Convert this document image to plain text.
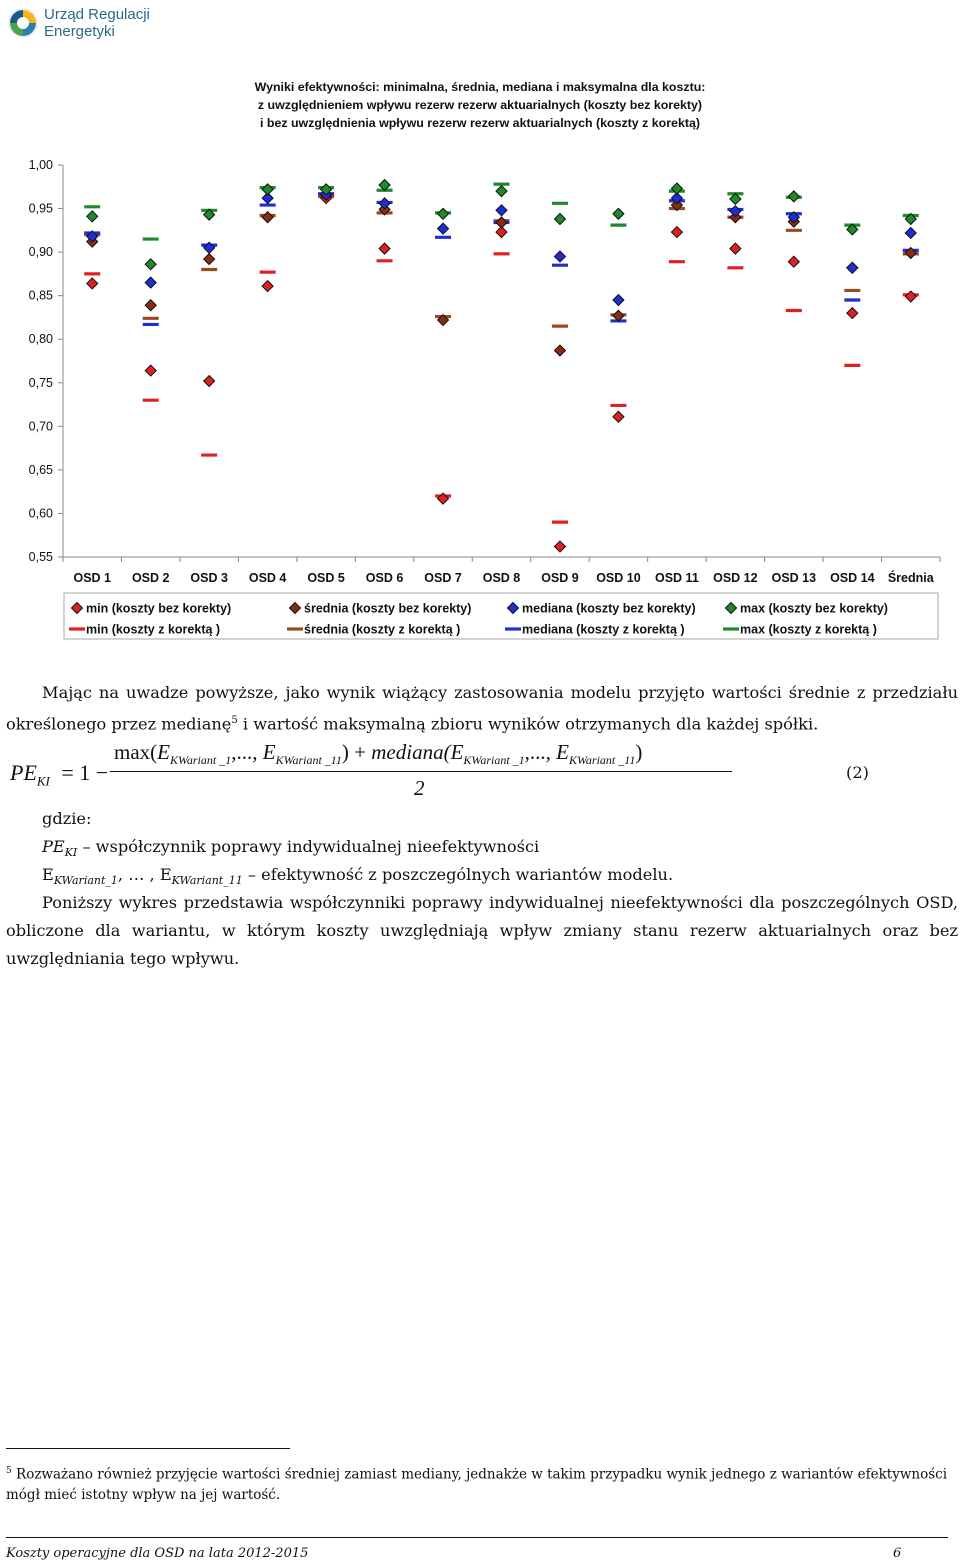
Urząd Regulacji
Energetyki
Wyniki efektywności: minimalna, średnia, mediana i maksymalna dla kosztu:
z uwzględnieniem wpływu rezerw rezerw aktuarialnych (koszty bez korekty)
i bez uwzględnienia wpływu rezerw rezerw aktuarialnych (koszty z korektą)
0,55
0,60
0,65
0,70
0,75
0,80
0,85
0,90
0,95
1,00
OSD 1 OSD 2 OSD 3 OSD 4 OSD 5 OSD 6 OSD 7 OSD 8 OSD 9 OSD 10 OSD 11 OSD 12 OSD 13 OSD 14 Średnia
min (koszty bez korekty)	średnia (koszty bez korekty)	mediana (koszty bez korekty)	max (koszty bez korekty)
min (koszty z korektą )	średnia (koszty z korektą )	mediana (koszty z korektą )	max (koszty z korektą )
Mając na uwadze powyższe, jako wynik wiążący zastosowania modelu przyjęto wartości średnie z przedziału określonego przez medianę$^5$ i wartość maksymalną zbioru wyników otrzymanych dla każdej spółki.
$PE_{KI} = 1$ −
$\max(E_{KWariant \_1}$,..., $E_{KWariant \_11}$) + $mediana(E_{KWariant \_1}$,..., $E_{KWariant \_11}$)
2
(2)
gdzie:
$PE_{KI}$ – współczynnik poprawy indywidualnej nieefektywności
$E_{KWariant\_1}$, … , $E_{KWariant\_11}$ – efektywność z poszczególnych wariantów modelu.
Poniższy wykres przedstawia współczynniki poprawy indywidualnej nieefektywności dla poszczególnych OSD, obliczone dla wariantu, w którym koszty uwzględniają wpływ zmiany stanu rezerw aktuarialnych oraz bez uwzględniania tego wpływu.
$^5$ Rozważano również przyjęcie wartości średniej zamiast mediany, jednakże w takim przypadku wynik jednego z wariantów efektywności mógł mieć istotny wpływ na jej wartość.
Koszty operacyjne dla OSD na lata 2012-2015	6
